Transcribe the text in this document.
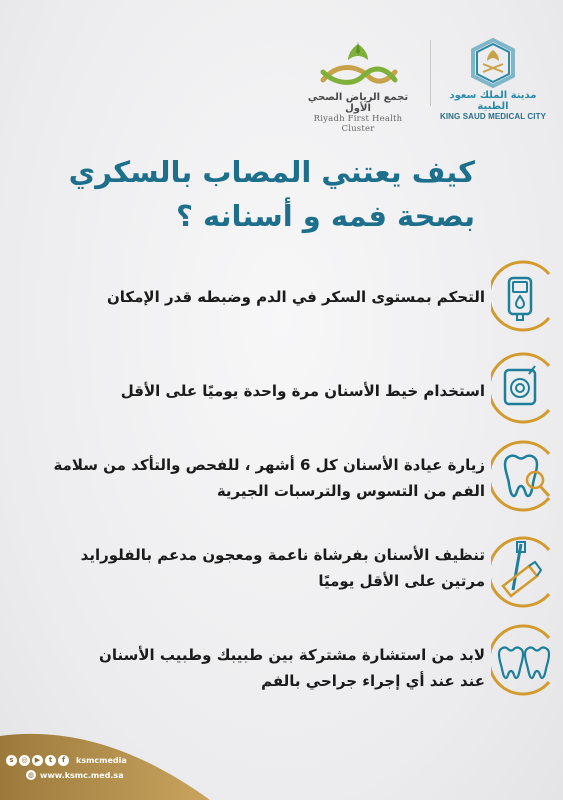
تجمع الرياض الصحي الأول
Riyadh First Health Cluster
مدينة الملك سعود الطبية
KING SAUD MEDICAL CITY
كيف يعتني المصاب بالسكري
بصحة فمه و أسنانه ؟
التحكم بمستوى السكر في الدم وضبطه قدر الإمكان
استخدام خيط الأسنان مرة واحدة يوميًا على الأقل
زيارة عيادة الأسنان كل 6 أشهر ، للفحص والتأكد من سلامة
الفم من التسوس والترسبات الجيرية
تنظيف الأسنان بفرشاة ناعمة ومعجون مدعم بالفلورايد
مرتين على الأقل يوميًا
لابد من استشارة مشتركة بين طبيبك وطبيب الأسنان
عند عند أي إجراء جراحي بالفم
s	◎	▶	t	f	ksmcmedia
◍ www.ksmc.med.sa
